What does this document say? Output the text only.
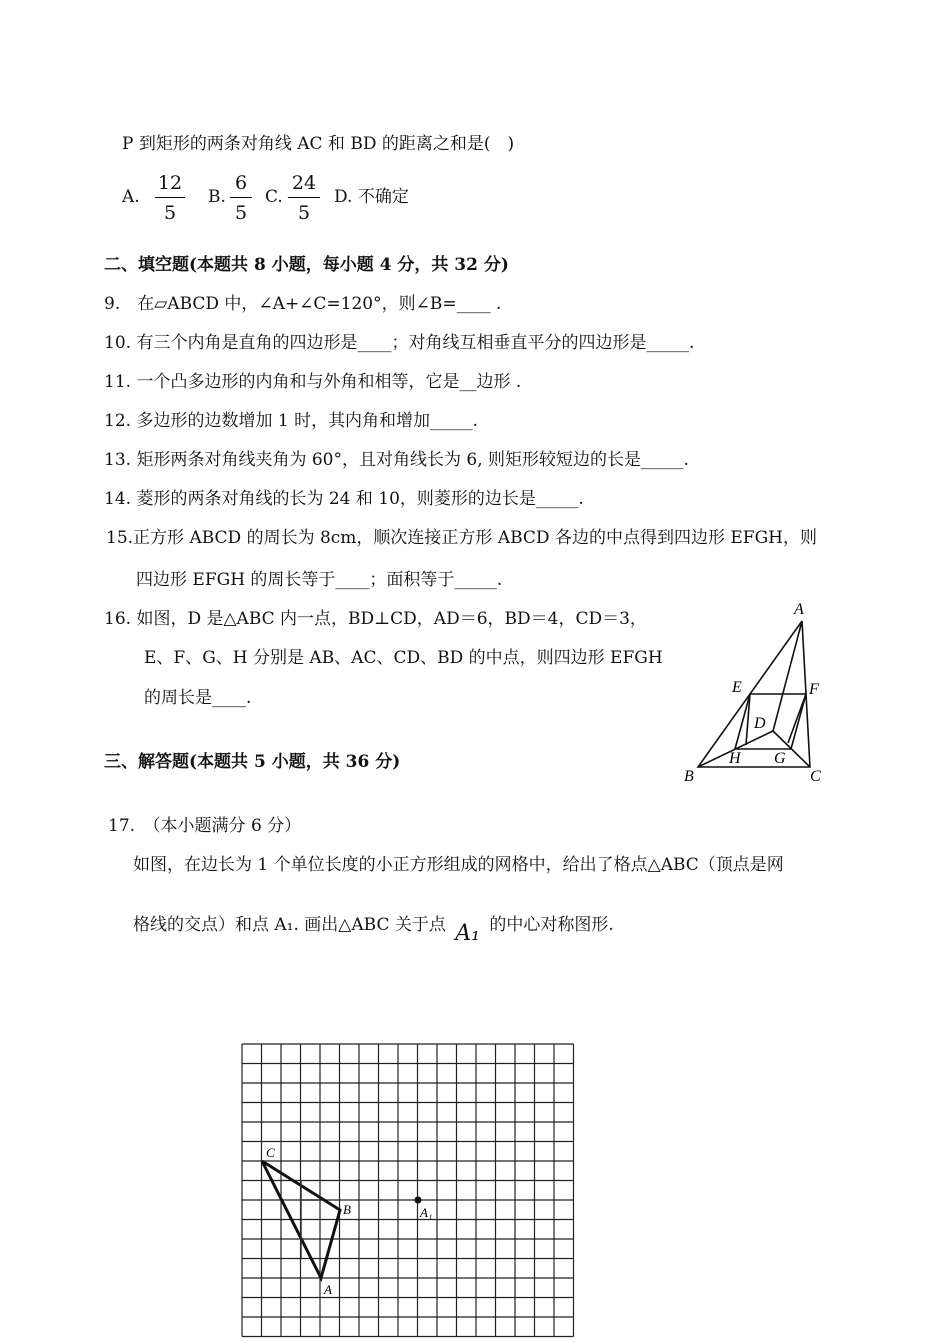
P 到矩形的两条对角线 AC 和 BD 的距离之和是(　)
A. $\frac{12}{5} B$. $\frac{6}{5} C$. $\frac{24}{5} D$. 不确定
二、填空题(本题共 8 小题，每小题 4 分，共 32 分)
9.　在▱ABCD 中，∠A+∠C=120°，则∠B=____ .
10. 有三个内角是直角的四边形是____；对角线互相垂直平分的四边形是_____.
11. 一个凸多边形的内角和与外角和相等，它是__边形 .
12. 多边形的边数增加 1 时，其内角和增加_____.
13. 矩形两条对角线夹角为 60°，且对角线长为 6, 则矩形较短边的长是_____.
14. 菱形的两条对角线的长为 24 和 10，则菱形的边长是_____.
15.正方形 ABCD 的周长为 8cm，顺次连接正方形 ABCD 各边的中点得到四边形 EFGH，则
四边形 EFGH 的周长等于____；面积等于_____.
16. 如图，D 是△ABC 内一点，BD⊥CD，AD＝6，BD＝4，CD＝3，
E、F、G、H 分别是 AB、AC、CD、BD 的中点，则四边形 EFGH
的周长是____.
A
B	C
D
E	F
G
H
三、解答题(本题共 5 小题，共 36 分)
17.　（本小题满分 6 分）
如图，在边长为 1 个单位长度的小正方形组成的网格中，给出了格点△ABC（顶点是网
格线的交点）和点 A₁. 画出△ABC 关于点 A₁ 的中心对称图形.
C
B
A
A₁
